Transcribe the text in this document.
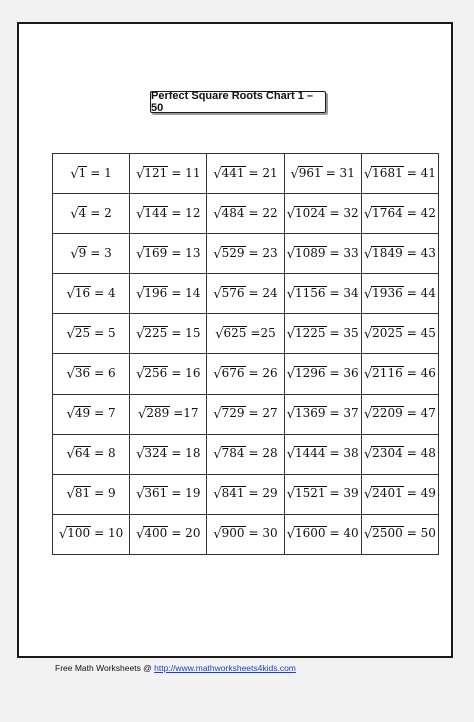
Perfect Square Roots Chart 1 – 50
√1 = 1	√121 = 11	√441 = 21	√961 = 31	√1681 = 41
√4 = 2	√144 = 12	√484 = 22	√1024 = 32	√1764 = 42
√9 = 3	√169 = 13	√529 = 23	√1089 = 33	√1849 = 43
√16 = 4	√196 = 14	√576 = 24	√1156 = 34	√1936 = 44
√25 = 5	√225 = 15	√625 =25	√1225 = 35	√2025 = 45
√36 = 6	√256 = 16	√676 = 26	√1296 = 36	√2116 = 46
√49 = 7	√289 =17	√729 = 27	√1369 = 37	√2209 = 47
√64 = 8	√324 = 18	√784 = 28	√1444 = 38	√2304 = 48
√81 = 9	√361 = 19	√841 = 29	√1521 = 39	√2401 = 49
√100 = 10	√400 = 20	√900 = 30	√1600 = 40	√2500 = 50
Free Math Worksheets @ http://www.mathworksheets4kids.com
